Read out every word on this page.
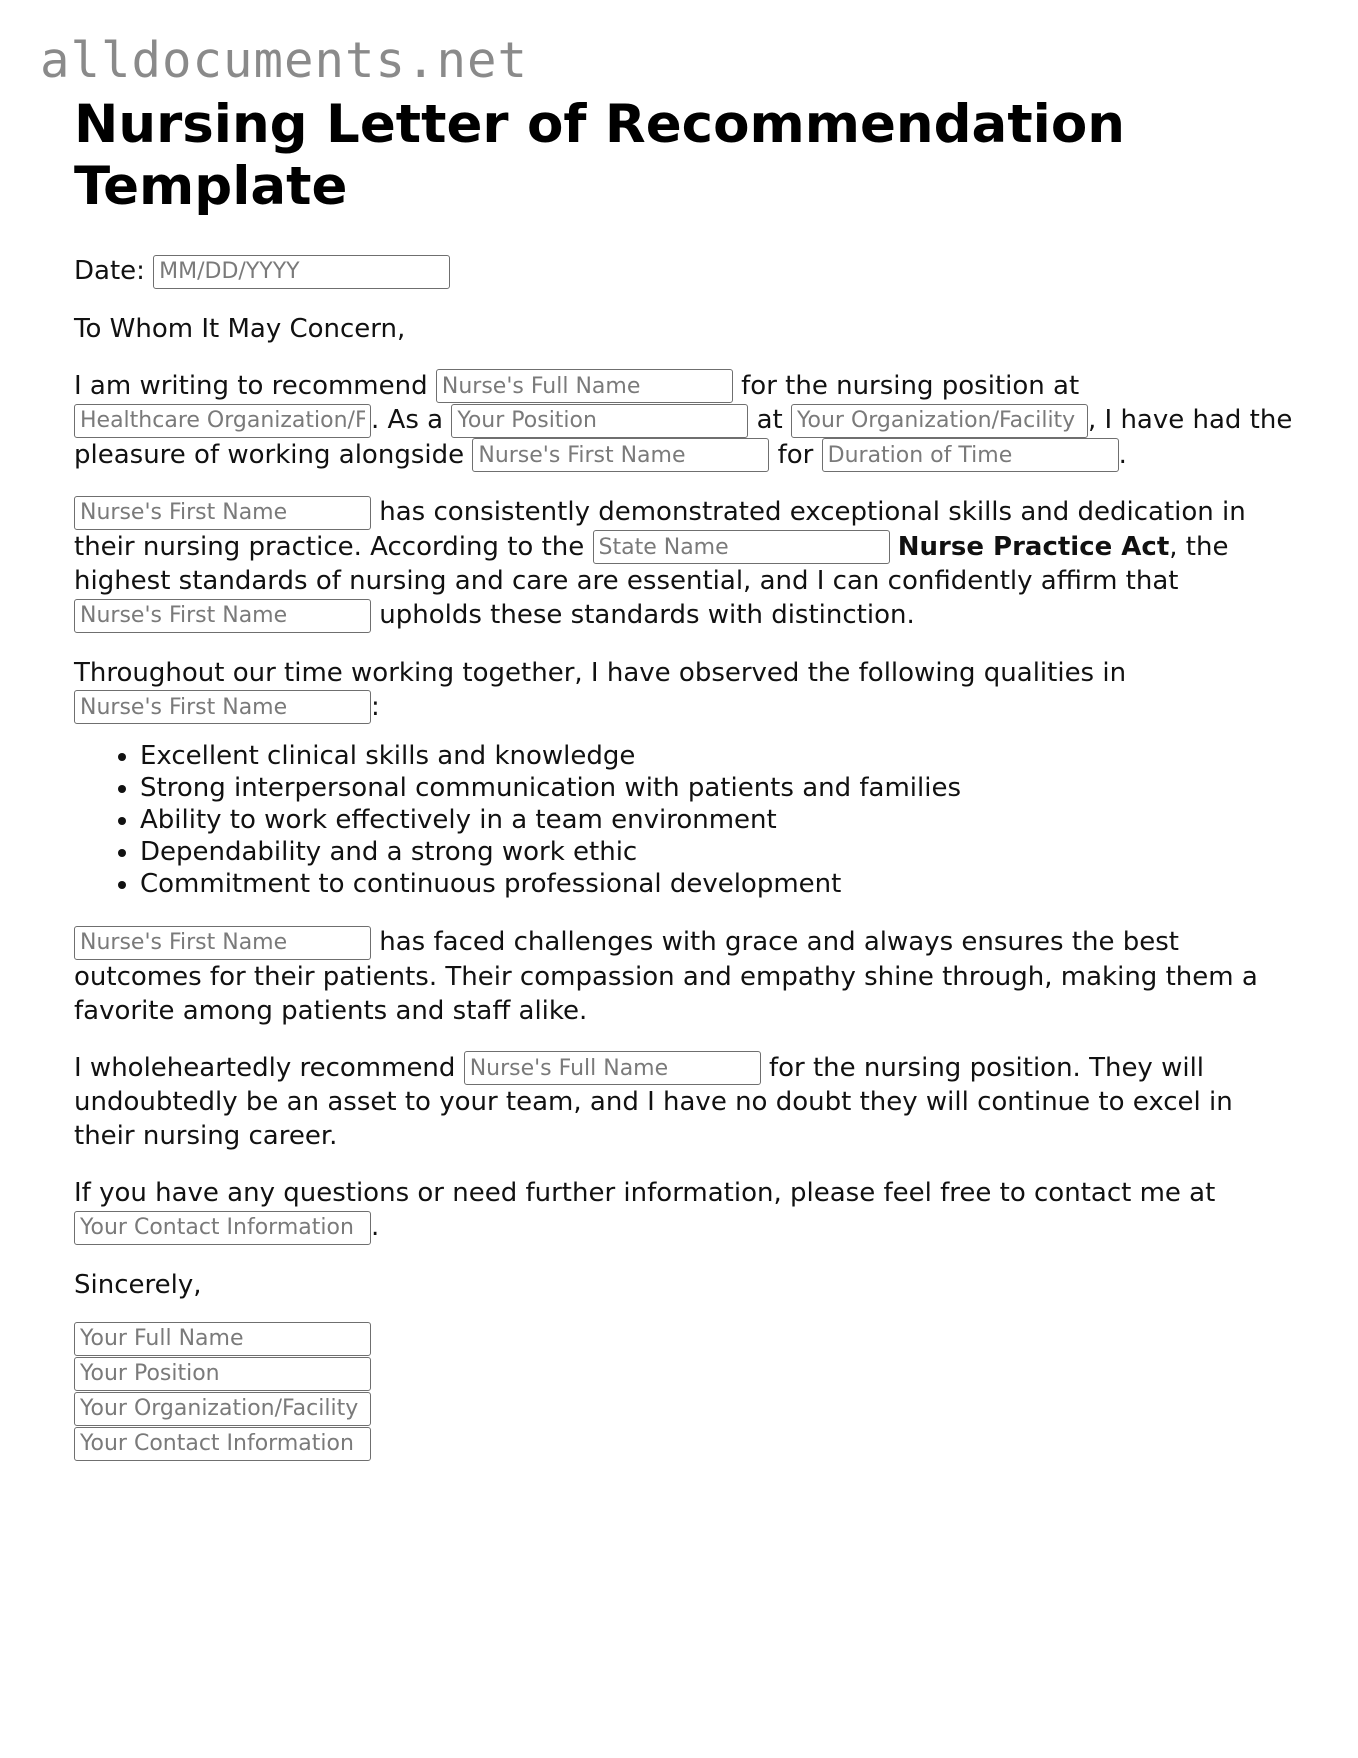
alldocuments.net
Nursing Letter of Recommendation Template

Date: MM/DD/YYYY

To Whom It May Concern,

I am writing to recommend Nurse's Full Name	for the nursing position at Healthcare Organization/Facility Name. As a Your Position	at Your Organization/Facility Name	, I have had the pleasure of working alongside Nurse's First Name	for Duration of Time	.

Nurse's First Name has consistently demonstrated exceptional skills and dedication in their nursing practice. According to the State Name	Nurse Practice Act, the highest standards of nursing and care are essential, and I can confidently affirm that Nurse's First Name upholds these standards with distinction.

Throughout our time working together, I have observed the following qualities in Nurse's First Name:

• Excellent clinical skills and knowledge
• Strong interpersonal communication with patients and families
• Ability to work effectively in a team environment
• Dependability and a strong work ethic
• Commitment to continuous professional development

Nurse's First Name has faced challenges with grace and always ensures the best outcomes for their patients. Their compassion and empathy shine through, making them a favorite among patients and staff alike.

I wholeheartedly recommend Nurse's Full Name	for the nursing position. They will undoubtedly be an asset to your team, and I have no doubt they will continue to excel in their nursing career.

If you have any questions or need further information, please feel free to contact me at Your Contact Information.

Sincerely,

Your Full Name
Your Position
Your Organization/Facility Name
Your Contact Information
